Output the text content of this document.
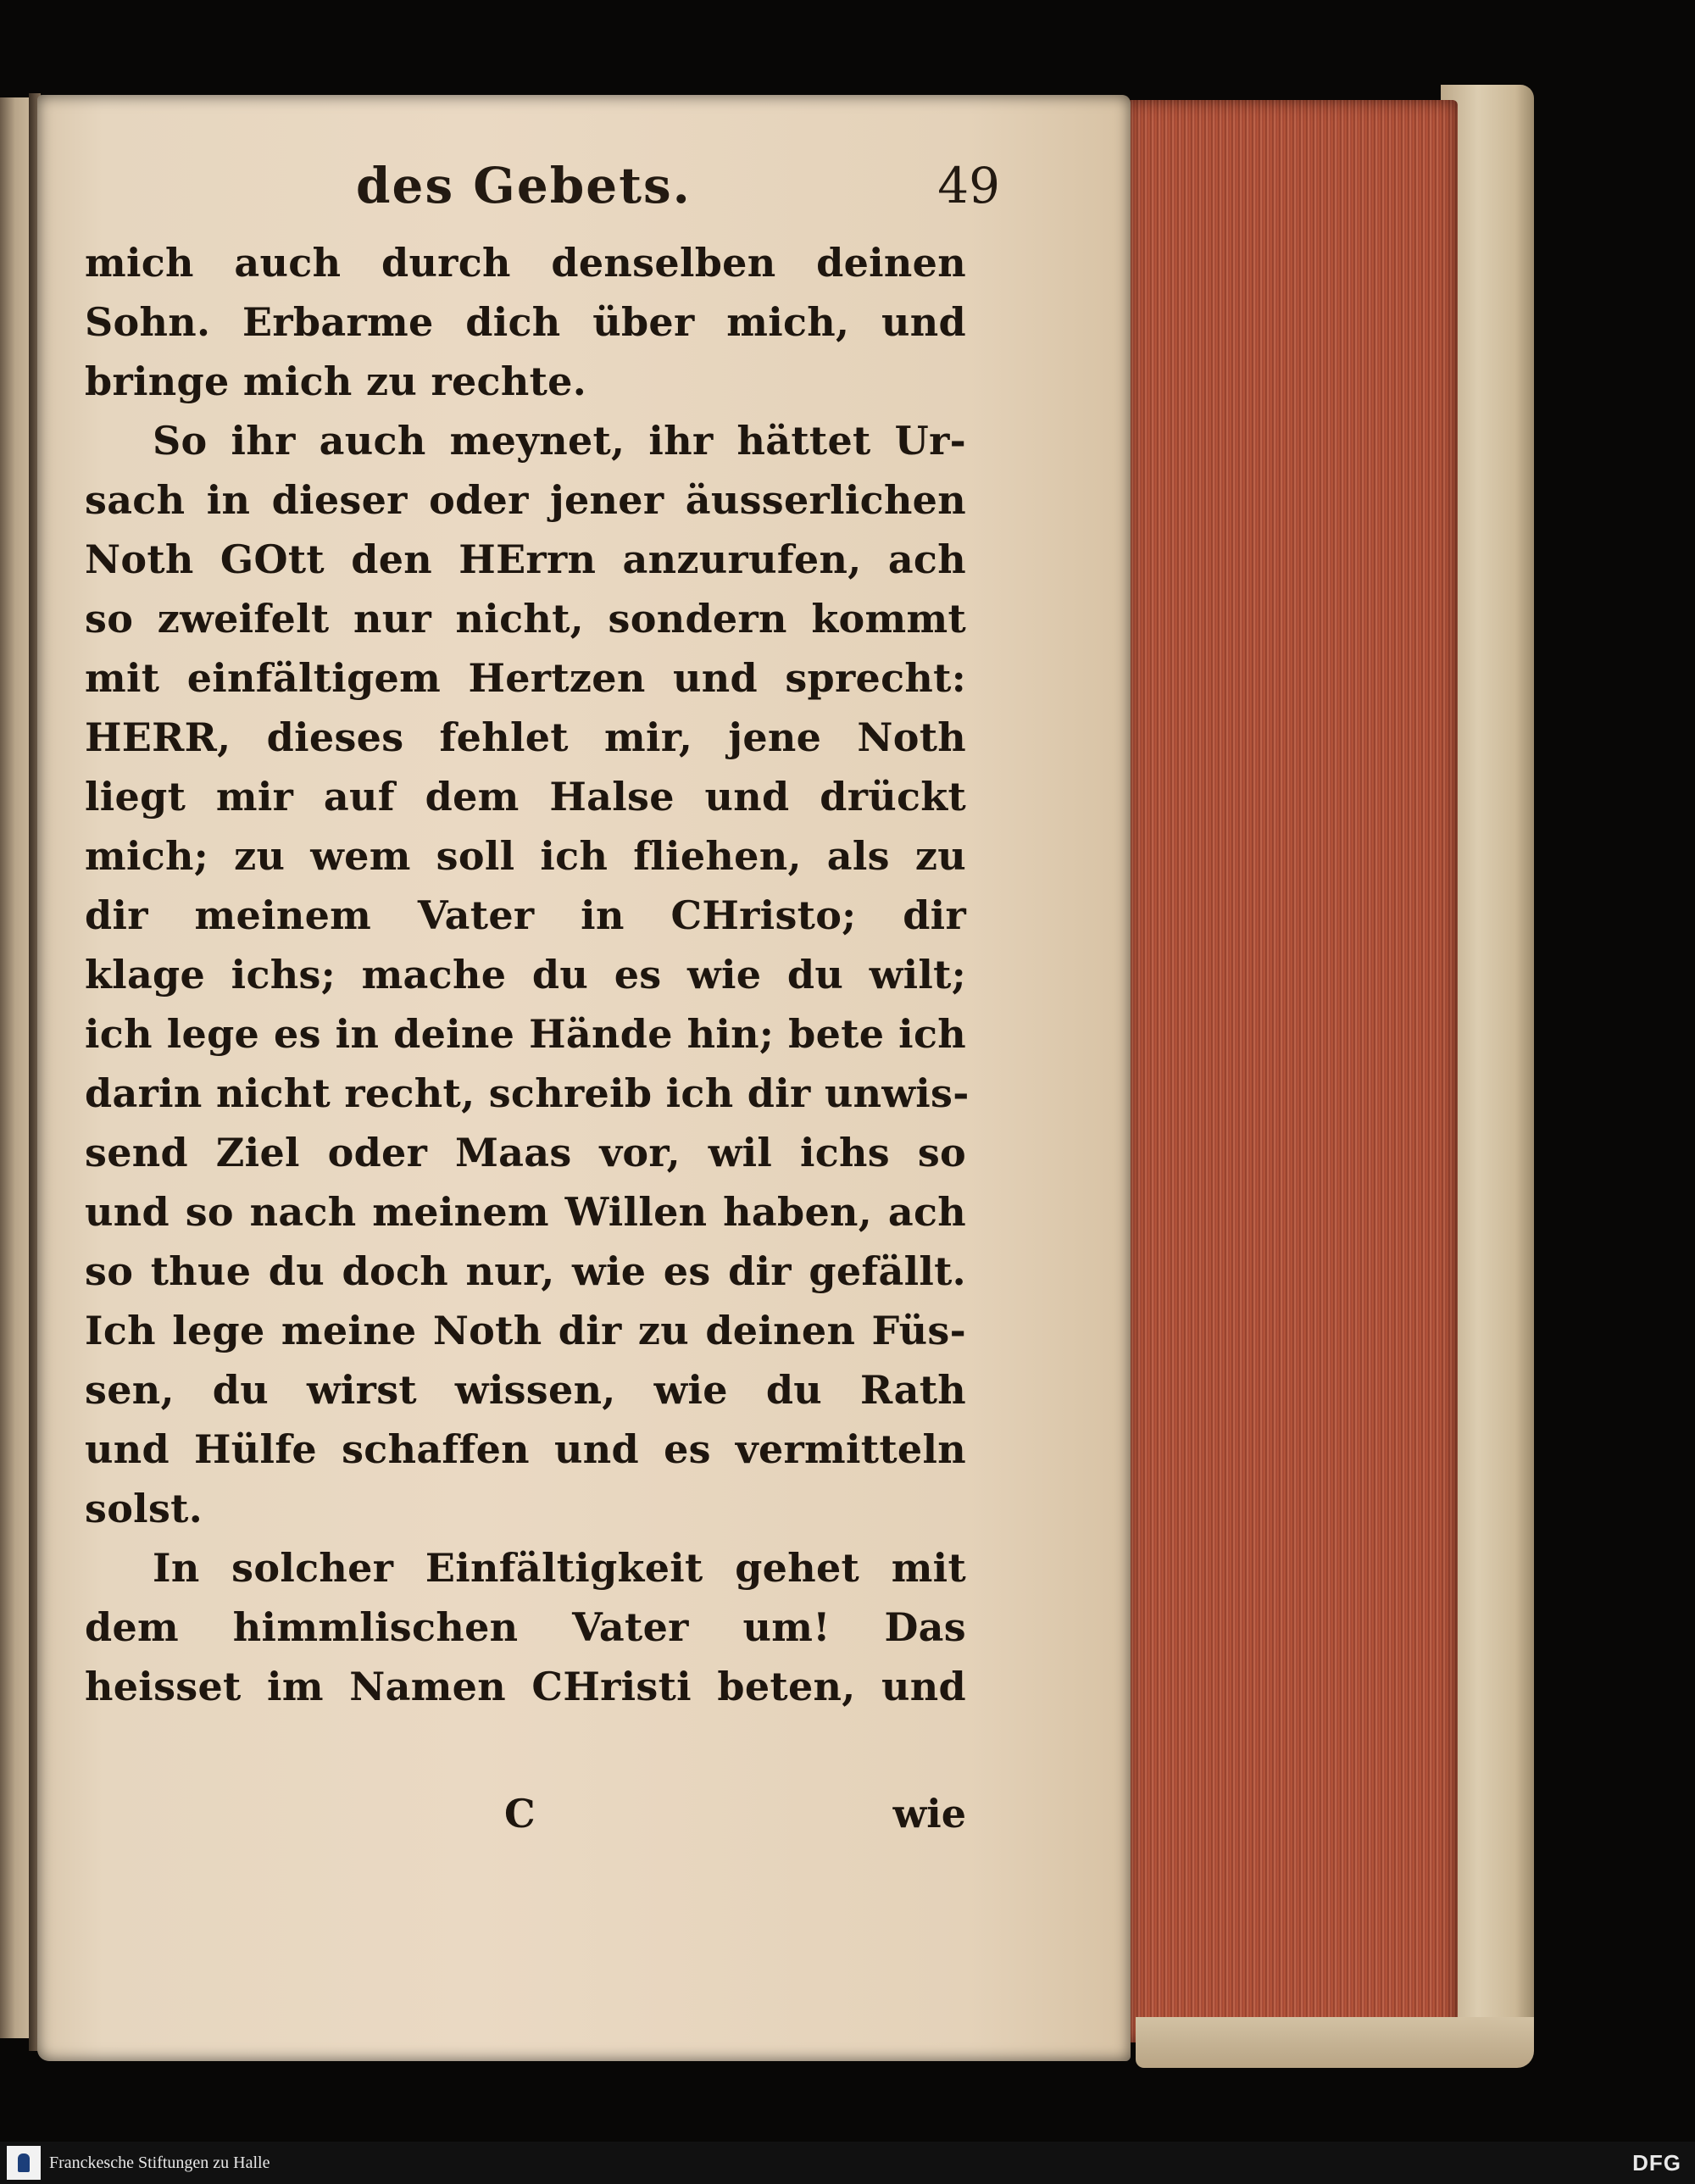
des Gebets.	49
mich auch durch denselben deinen
Sohn. Erbarme dich über mich, und
bringe mich zu rechte.
So ihr auch meynet, ihr hättet Ur-
sach in dieser oder jener äusserlichen
Noth GOtt den HErrn anzurufen, ach
so zweifelt nur nicht, sondern kommt
mit einfältigem Hertzen und sprecht:
HERR, dieses fehlet mir, jene Noth
liegt mir auf dem Halse und drückt
mich; zu wem soll ich fliehen, als zu
dir meinem Vater in CHristo; dir
klage ichs; mache du es wie du wilt;
ich lege es in deine Hände hin; bete ich
darin nicht recht, schreib ich dir unwis-
send Ziel oder Maas vor, wil ichs so
und so nach meinem Willen haben, ach
so thue du doch nur, wie es dir gefällt.
Ich lege meine Noth dir zu deinen Füs-
sen, du wirst wissen, wie du Rath
und Hülfe schaffen und es vermitteln
solst.
In solcher Einfältigkeit gehet mit
dem himmlischen Vater um! Das
heisset im Namen CHristi beten, und
C	wie
Franckesche Stiftungen zu Halle	DFG
